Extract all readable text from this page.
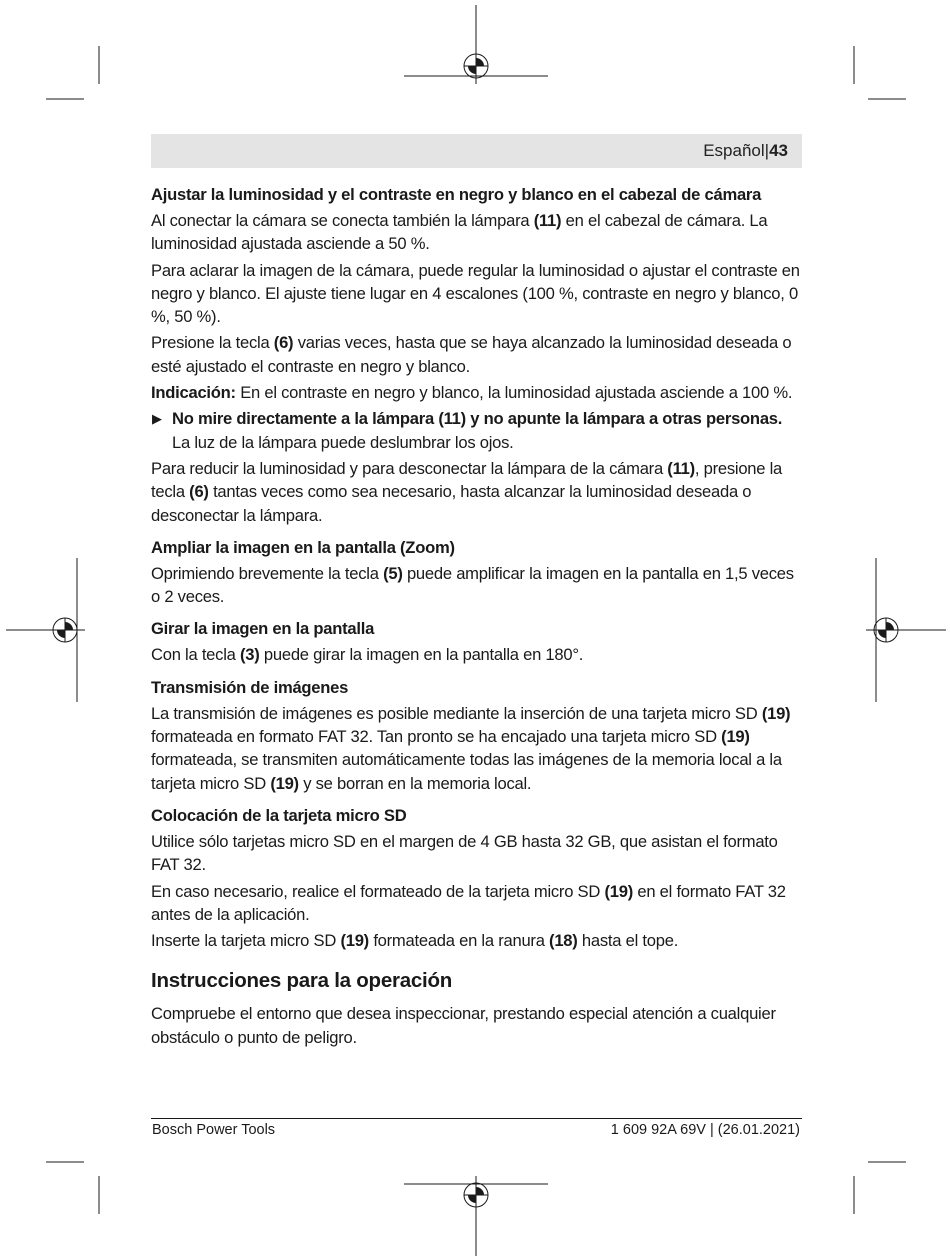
Español|43
Ajustar la luminosidad y el contraste en negro y blanco en el cabezal de cámara

Al conectar la cámara se conecta también la lámpara (11) en el cabezal de cámara. La luminosidad ajustada asciende a 50 %.

Para aclarar la imagen de la cámara, puede regular la luminosidad o ajustar el contraste en negro y blanco. El ajuste tiene lugar en 4 escalones (100 %, contraste en negro y blanco, 0 %, 50 %).

Presione la tecla (6) varias veces, hasta que se haya alcanzado la luminosidad deseada o esté ajustado el contraste en negro y blanco.

Indicación: En el contraste en negro y blanco, la luminosidad ajustada asciende a 100 %.

▶ No mire directamente a la lámpara (11) y no apunte la lámpara a otras personas.
La luz de la lámpara puede deslumbrar los ojos.

Para reducir la luminosidad y para desconectar la lámpara de la cámara (11), presione la tecla (6) tantas veces como sea necesario, hasta alcanzar la luminosidad deseada o desconectar la lámpara.

Ampliar la imagen en la pantalla (Zoom)

Oprimiendo brevemente la tecla (5) puede amplificar la imagen en la pantalla en 1,5 veces o 2 veces.

Girar la imagen en la pantalla

Con la tecla (3) puede girar la imagen en la pantalla en 180°.

Transmisión de imágenes

La transmisión de imágenes es posible mediante la inserción de una tarjeta micro SD (19) formateada en formato FAT 32. Tan pronto se ha encajado una tarjeta micro SD (19) formateada, se transmiten automáticamente todas las imágenes de la memoria local a la tarjeta micro SD (19) y se borran en la memoria local.

Colocación de la tarjeta micro SD

Utilice sólo tarjetas micro SD en el margen de 4 GB hasta 32 GB, que asistan el formato FAT 32.

En caso necesario, realice el formateado de la tarjeta micro SD (19) en el formato FAT 32 antes de la aplicación.

Inserte la tarjeta micro SD (19) formateada en la ranura (18) hasta el tope.

Instrucciones para la operación

Compruebe el entorno que desea inspeccionar, prestando especial atención a cualquier obstáculo o punto de peligro.

Bosch Power Tools	1 609 92A 69V | (26.01.2021)
